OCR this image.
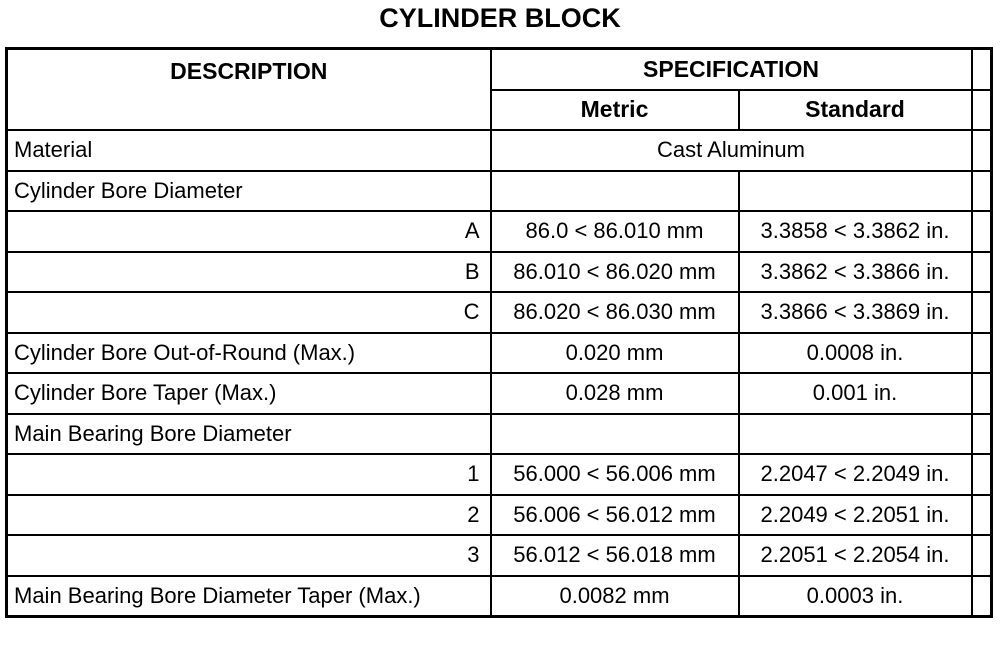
CYLINDER BLOCK
DESCRIPTION	SPECIFICATION		
	Metric	Standard	
Material	Cast Aluminum		
Cylinder Bore Diameter			
A	86.0 < 86.010 mm	3.3858 < 3.3862 in.	
B	86.010 < 86.020 mm	3.3862 < 3.3866 in.	
C	86.020 < 86.030 mm	3.3866 < 3.3869 in.	
Cylinder Bore Out-of-Round (Max.)	0.020 mm	0.0008 in.	
Cylinder Bore Taper (Max.)	0.028 mm	0.001 in.	
Main Bearing Bore Diameter			
1	56.000 < 56.006 mm	2.2047 < 2.2049 in.	
2	56.006 < 56.012 mm	2.2049 < 2.2051 in.	
3	56.012 < 56.018 mm	2.2051 < 2.2054 in.	
Main Bearing Bore Diameter Taper (Max.)	0.0082 mm	0.0003 in.	
